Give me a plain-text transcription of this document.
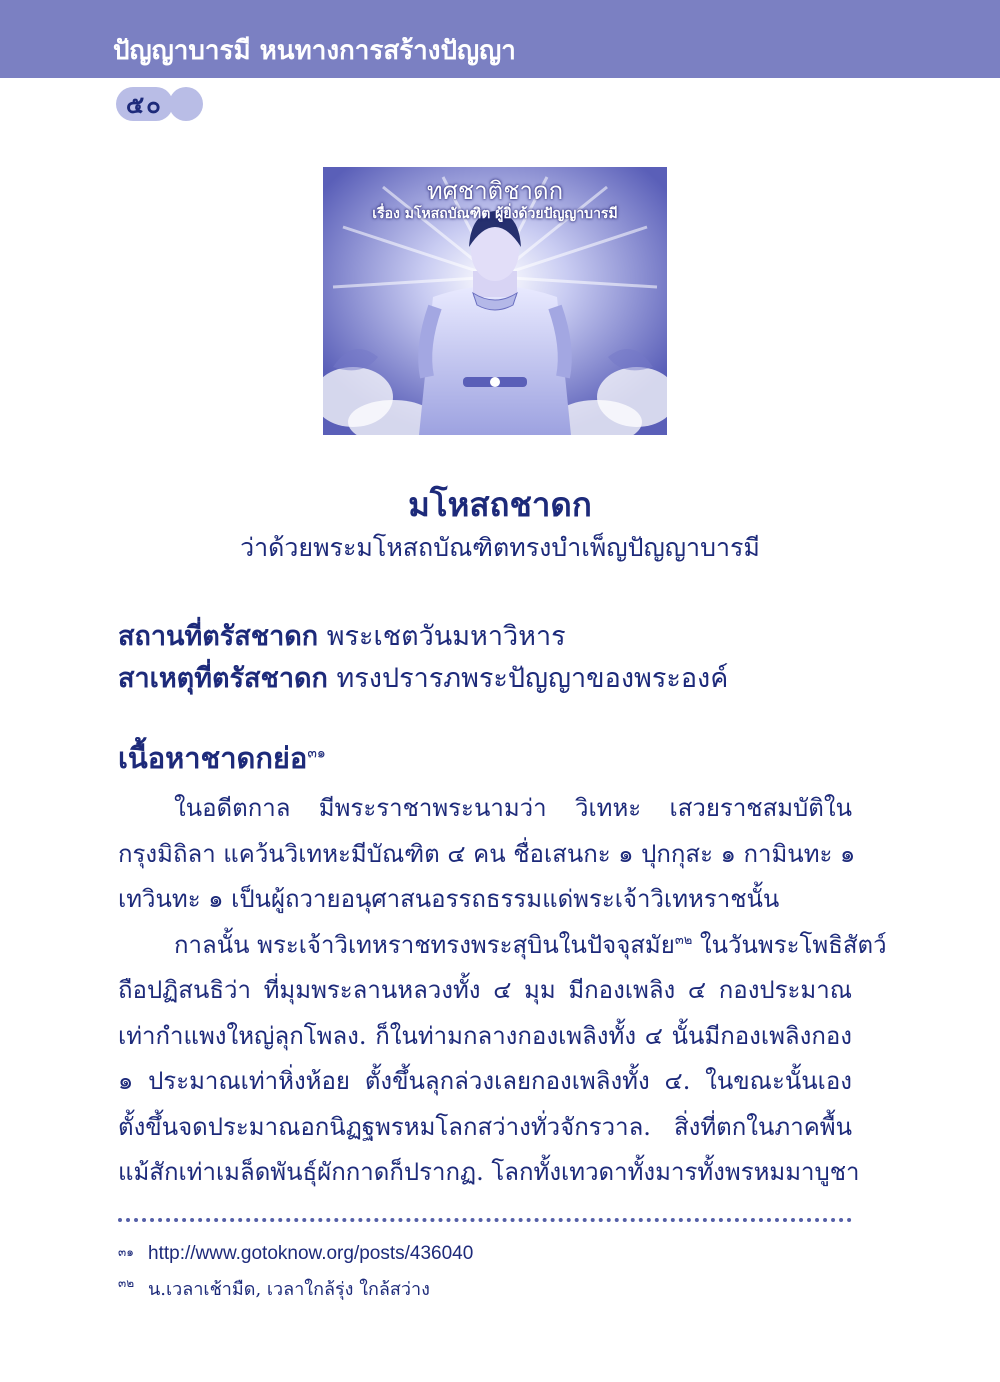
ปัญญาบารมี หนทางการสร้างปัญญา
๕๐
ทศชาติชาดก
เรื่อง มโหสถบัณฑิต ผู้ยิ่งด้วยปัญญาบารมี
มโหสถชาดก
ว่าด้วยพระมโหสถบัณฑิตทรงบำเพ็ญปัญญาบารมี
สถานที่ตรัสชาดก พระเชตวันมหาวิหาร
สาเหตุที่ตรัสชาดก ทรงปรารภพระปัญญาของพระองค์
เนื้อหาชาดกย่อ$^{๓๑}$
ในอดีตกาล มีพระราชาพระนามว่า วิเทหะ เสวยราชสมบัติใน
กรุงมิถิลา แคว้นวิเทหะมีบัณฑิต ๔ คน ชื่อเสนกะ ๑ ปุกกุสะ ๑ กามินทะ ๑
เทวินทะ ๑ เป็นผู้ถวายอนุศาสนอรรถธรรมแด่พระเจ้าวิเทหราชนั้น
กาลนั้น พระเจ้าวิเทหราชทรงพระสุบินในปัจจุสมัย$^{๓๒}$ ในวันพระโพธิสัตว์
ถือปฏิสนธิว่า ที่มุมพระลานหลวงทั้ง ๔ มุม มีกองเพลิง ๔ กองประมาณ
เท่ากำแพงใหญ่ลุกโพลง. ก็ในท่ามกลางกองเพลิงทั้ง ๔ นั้นมีกองเพลิงกอง
๑ ประมาณเท่าหิ่งห้อย ตั้งขึ้นลุกล่วงเลยกองเพลิงทั้ง ๔. ในขณะนั้นเอง
ตั้งขึ้นจดประมาณอกนิฏฐพรหมโลกสว่างทั่วจักรวาล. สิ่งที่ตกในภาคพื้น
แม้สักเท่าเมล็ดพันธุ์ผักกาดก็ปรากฏ. โลกทั้งเทวดาทั้งมารทั้งพรหมมาบูชา
๓๑ http://www.gotoknow.org/posts/436040
๓๒ น.เวลาเช้ามืด, เวลาใกล้รุ่ง ใกล้สว่าง
